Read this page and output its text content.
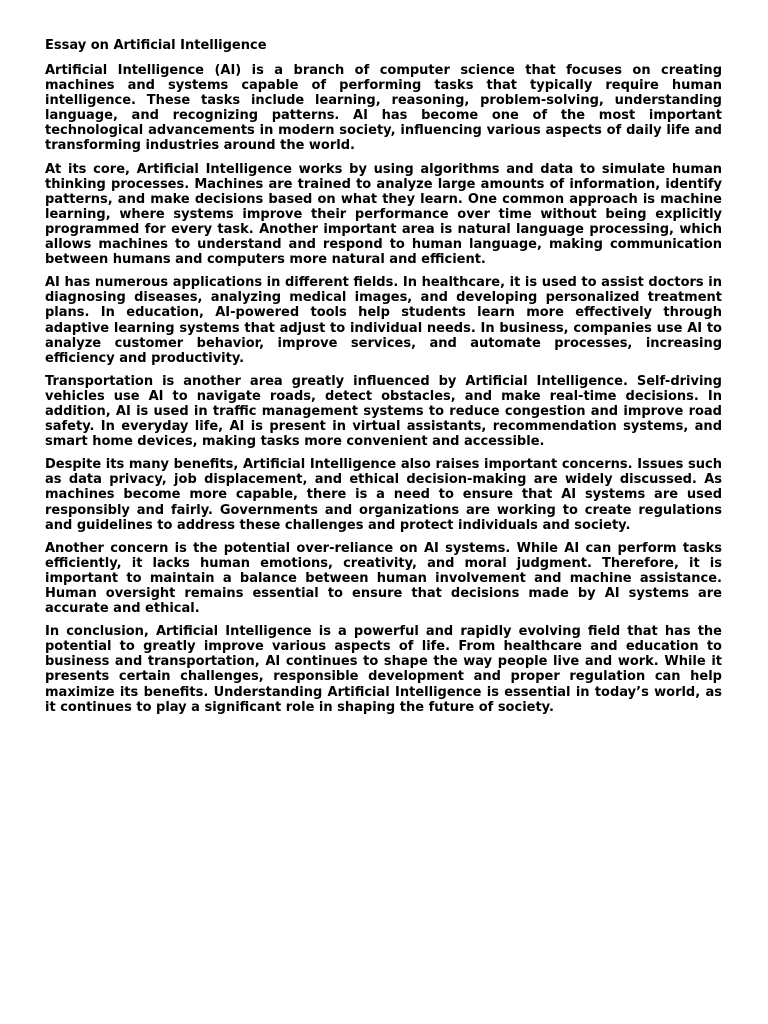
Essay on Artificial Intelligence

Artificial Intelligence (AI) is a branch of computer science that focuses on creating machines and systems capable of performing tasks that typically require human intelligence. These tasks include learning, reasoning, problem-solving, understanding language, and recognizing patterns. AI has become one of the most important technological advancements in modern society, influencing various aspects of daily life and transforming industries around the world.

At its core, Artificial Intelligence works by using algorithms and data to simulate human thinking processes. Machines are trained to analyze large amounts of information, identify patterns, and make decisions based on what they learn. One common approach is machine learning, where systems improve their performance over time without being explicitly programmed for every task. Another important area is natural language processing, which allows machines to understand and respond to human language, making communication between humans and computers more natural and efficient.

AI has numerous applications in different fields. In healthcare, it is used to assist doctors in diagnosing diseases, analyzing medical images, and developing personalized treatment plans. In education, AI-powered tools help students learn more effectively through adaptive learning systems that adjust to individual needs. In business, companies use AI to analyze customer behavior, improve services, and automate processes, increasing efficiency and productivity.

Transportation is another area greatly influenced by Artificial Intelligence. Self-driving vehicles use AI to navigate roads, detect obstacles, and make real-time decisions. In addition, AI is used in traffic management systems to reduce congestion and improve road safety. In everyday life, AI is present in virtual assistants, recommendation systems, and smart home devices, making tasks more convenient and accessible.

Despite its many benefits, Artificial Intelligence also raises important concerns. Issues such as data privacy, job displacement, and ethical decision-making are widely discussed. As machines become more capable, there is a need to ensure that AI systems are used responsibly and fairly. Governments and organizations are working to create regulations and guidelines to address these challenges and protect individuals and society.

Another concern is the potential over-reliance on AI systems. While AI can perform tasks efficiently, it lacks human emotions, creativity, and moral judgment. Therefore, it is important to maintain a balance between human involvement and machine assistance. Human oversight remains essential to ensure that decisions made by AI systems are accurate and ethical.

In conclusion, Artificial Intelligence is a powerful and rapidly evolving field that has the potential to greatly improve various aspects of life. From healthcare and education to business and transportation, AI continues to shape the way people live and work. While it presents certain challenges, responsible development and proper regulation can help maximize its benefits. Understanding Artificial Intelligence is essential in today’s world, as it continues to play a significant role in shaping the future of society.
